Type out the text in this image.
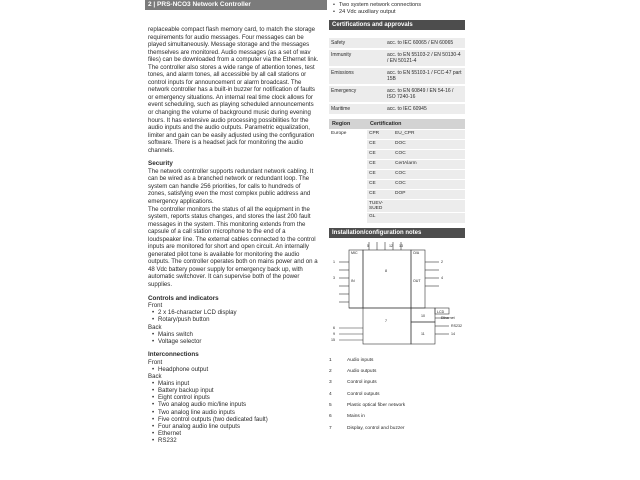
2 | PRS-NCO3 Network Controller

replaceable compact flash memory card, to match the storage requirements for audio messages. Four messages can be played simultaneously. Message storage and the messages themselves are monitored. Audio messages (as a set of wav files) can be downloaded from a computer via the Ethernet link. The controller also stores a wide range of attention tones, test tones, and alarm tones, all accessible by all call stations or control inputs for announcement or alarm broadcast. The network controller has a built-in buzzer for notification of faults or emergency situations. An internal real time clock allows for event scheduling, such as playing scheduled announcements or changing the volume of background music during evening hours. It has extensive audio processing possibilities for the audio inputs and the audio outputs. Parametric equalization, limiter and gain can be easily adjusted using the configuration software. There is a headset jack for monitoring the audio channels.

Security

The network controller supports redundant network cabling. It can be wired as a branched network or redundant loop. The system can handle 256 priorities, for calls to hundreds of zones, satisfying even the most complex public address and emergency applications.

The controller monitors the status of all the equipment in the system, reports status changes, and stores the last 200 fault messages in the system. This monitoring extends from the capsule of a call station microphone to the end of a loudspeaker line. The external cables connected to the control inputs are monitored for short and open circuit. An internally generated pilot tone is available for monitoring the audio outputs. The controller operates both on mains power and on a 48 Vdc battery power supply for emergency back up, with automatic switchover. It can supervise both of the power supplies.

Controls and indicators
Front
• 2 x 16-character LCD display
• Rotary/push button
Back
• Mains switch
• Voltage selector
Interconnections
Front
• Headphone output
Back
• Mains input
• Battery backup input
• Eight control inputs
• Two analog audio mic/line inputs
• Two analog line audio inputs
• Five control outputs (two dedicated fault)
• Four analog audio line outputs
• Ethernet
• RS232
• Two system network connections
• 24 Vdc auxiliary output
Certifications and approvals
Safety	acc. to IEC 60065 / EN 60065
Immunity	acc. to EN 55103-2 / EN 50130-4 / EN 50121-4
Emissions	acc. to EN 55103-1 / FCC-47 part 15B
Emergency	acc. to EN 60849 / EN 54-16 / ISO 7240-16
Maritime	acc. to IEC 60945
Region	Certification	
Europe	CPR	EU_CPR
	CE	DOC
	CE	COC
	CE	CertAlarm
	CE	COC
	CE	COC
	CE	DOP
	TUEV-SUED	
	GL	
Installation/configuration notes
MIC	O/A
IN	OUT
8
7
10
11
LCD
1
3
2
4
6
9
15
Ethernet
RS232
14
5	12 13
1	Audio inputs
2	Audio outputs
3	Control inputs
4	Control outputs
5	Plastic optical fiber network
6	Mains in
7	Display, control and buzzer
